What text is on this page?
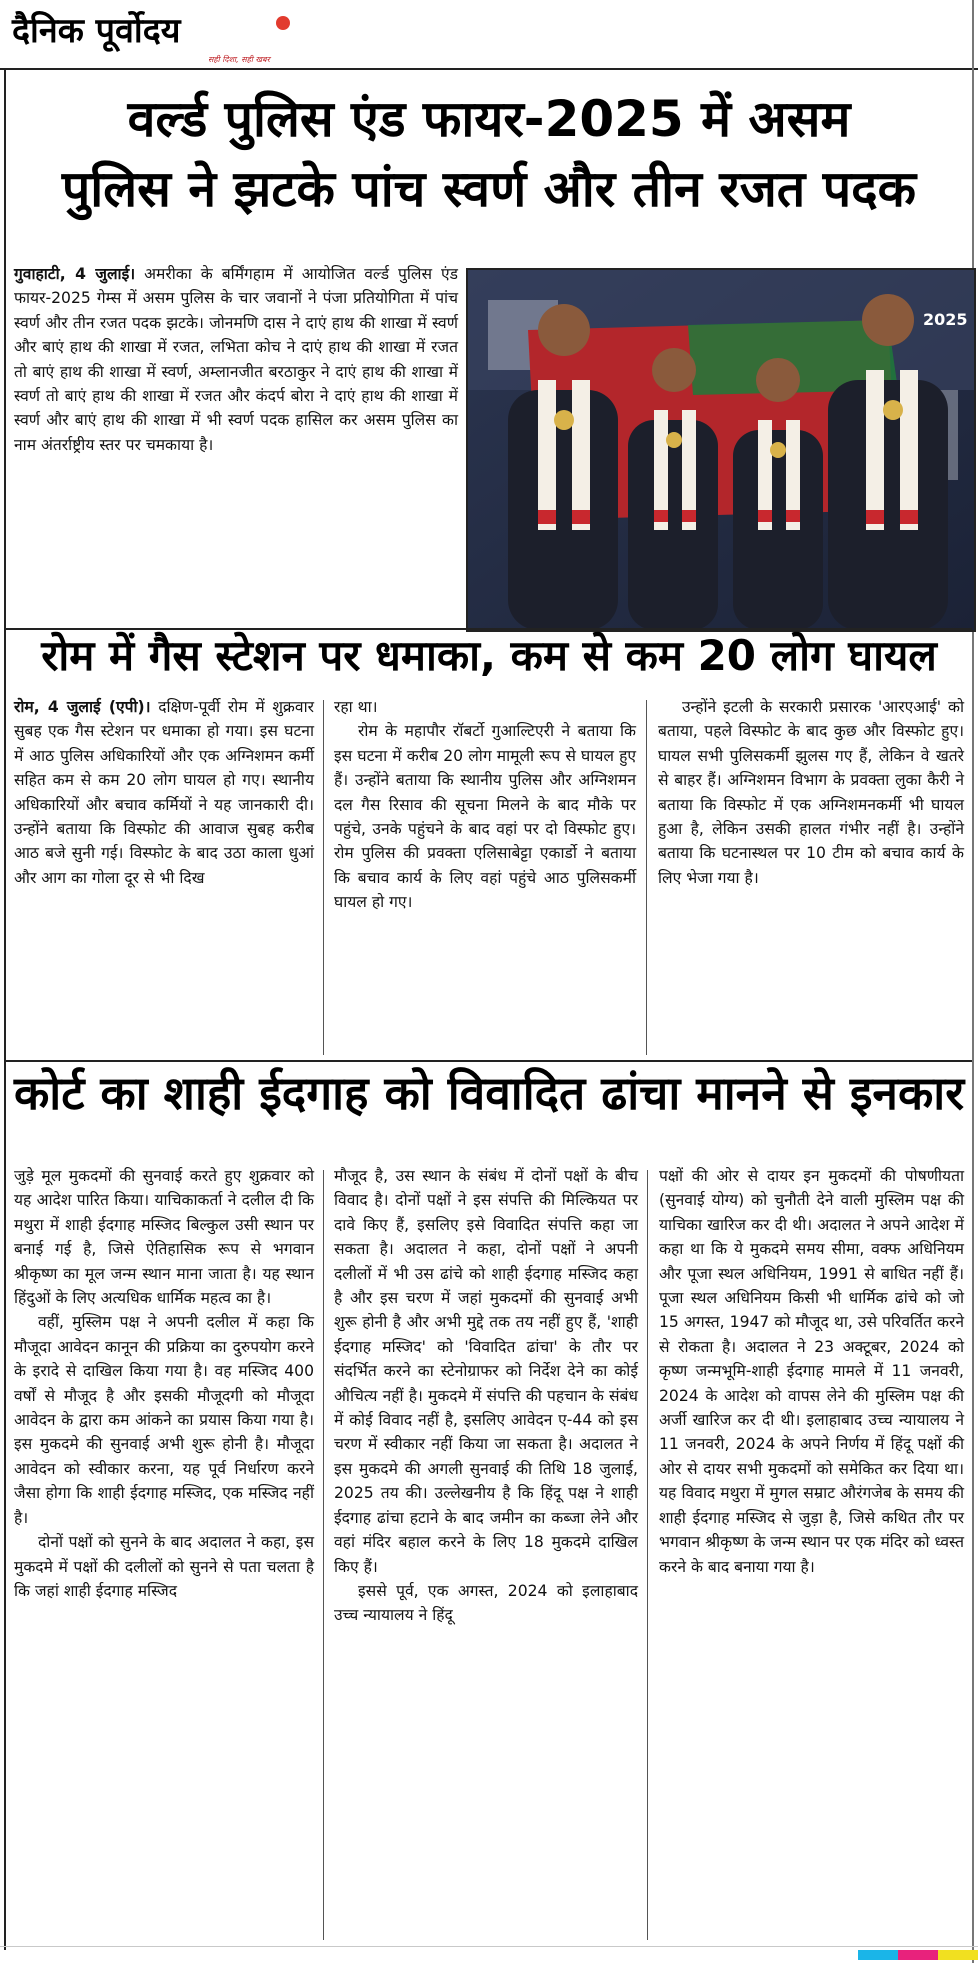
दैनिक पूर्वोदय
सही दिशा, सही खबर
वर्ल्ड पुलिस एंड फायर-2025 में असम
पुलिस ने झटके पांच स्वर्ण और तीन रजत पदक
गुवाहाटी, 4 जुलाई। अमरीका के बर्मिंगहाम में आयोजित वर्ल्ड पुलिस एंड फायर-2025 गेम्स में असम पुलिस के चार जवानों ने पंजा प्रतियोगिता में पांच स्वर्ण और तीन रजत पदक झटके। जोनमणि दास ने दाएं हाथ की शाखा में स्वर्ण और बाएं हाथ की शाखा में रजत, लभिता कोच ने दाएं हाथ की शाखा में रजत तो बाएं हाथ की शाखा में स्वर्ण, अम्लानजीत बरठाकुर ने दाएं हाथ की शाखा में स्वर्ण तो बाएं हाथ की शाखा में रजत और कंदर्प बोरा ने दाएं हाथ की शाखा में स्वर्ण और बाएं हाथ की शाखा में भी स्वर्ण पदक हासिल कर असम पुलिस का नाम अंतर्राष्ट्रीय स्तर पर चमकाया है।
2025
रोम में गैस स्टेशन पर धमाका, कम से कम 20 लोग घायल
रोम, 4 जुलाई (एपी)। दक्षिण-पूर्वी रोम में शुक्रवार सुबह एक गैस स्टेशन पर धमाका हो गया। इस घटना में आठ पुलिस अधिकारियों और एक अग्निशमन कर्मी सहित कम से कम 20 लोग घायल हो गए। स्थानीय अधिकारियों और बचाव कर्मियों ने यह जानकारी दी। उन्होंने बताया कि विस्फोट की आवाज सुबह करीब आठ बजे सुनी गई। विस्फोट के बाद उठा काला धुआं और आग का गोला दूर से भी दिख

रहा था।

रोम के महापौर रॉबर्टो गुआल्टिएरी ने बताया कि इस घटना में करीब 20 लोग मामूली रूप से घायल हुए हैं। उन्होंने बताया कि स्थानीय पुलिस और अग्निशमन दल गैस रिसाव की सूचना मिलने के बाद मौके पर पहुंचे, उनके पहुंचने के बाद वहां पर दो विस्फोट हुए। रोम पुलिस की प्रवक्ता एलिसाबेट्टा एकार्डो ने बताया कि बचाव कार्य के लिए वहां पहुंचे आठ पुलिसकर्मी घायल हो गए।

उन्होंने इटली के सरकारी प्रसारक 'आरएआई' को बताया, पहले विस्फोट के बाद कुछ और विस्फोट हुए। घायल सभी पुलिसकर्मी झुलस गए हैं, लेकिन वे खतरे से बाहर हैं। अग्निशमन विभाग के प्रवक्ता लुका कैरी ने बताया कि विस्फोट में एक अग्निशमनकर्मी भी घायल हुआ है, लेकिन उसकी हालत गंभीर नहीं है। उन्होंने बताया कि घटनास्थल पर 10 टीम को बचाव कार्य के लिए भेजा गया है।

कोर्ट का शाही ईदगाह को विवादित ढांचा मानने से इनकार

जुड़े मूल मुकदमों की सुनवाई करते हुए शुक्रवार को यह आदेश पारित किया। याचिकाकर्ता ने दलील दी कि मथुरा में शाही ईदगाह मस्जिद बिल्कुल उसी स्थान पर बनाई गई है, जिसे ऐतिहासिक रूप से भगवान श्रीकृष्ण का मूल जन्म स्थान माना जाता है। यह स्थान हिंदुओं के लिए अत्यधिक धार्मिक महत्व का है।

वहीं, मुस्लिम पक्ष ने अपनी दलील में कहा कि मौजूदा आवेदन कानून की प्रक्रिया का दुरुपयोग करने के इरादे से दाखिल किया गया है। वह मस्जिद 400 वर्षों से मौजूद है और इसकी मौजूदगी को मौजूदा आवेदन के द्वारा कम आंकने का प्रयास किया गया है। इस मुकदमे की सुनवाई अभी शुरू होनी है। मौजूदा आवेदन को स्वीकार करना, यह पूर्व निर्धारण करने जैसा होगा कि शाही ईदगाह मस्जिद, एक मस्जिद नहीं है।

दोनों पक्षों को सुनने के बाद अदालत ने कहा, इस मुकदमे में पक्षों की दलीलों को सुनने से पता चलता है कि जहां शाही ईदगाह मस्जिद

मौजूद है, उस स्थान के संबंध में दोनों पक्षों के बीच विवाद है। दोनों पक्षों ने इस संपत्ति की मिल्कियत पर दावे किए हैं, इसलिए इसे विवादित संपत्ति कहा जा सकता है। अदालत ने कहा, दोनों पक्षों ने अपनी दलीलों में भी उस ढांचे को शाही ईदगाह मस्जिद कहा है और इस चरण में जहां मुकदमों की सुनवाई अभी शुरू होनी है और अभी मुद्दे तक तय नहीं हुए हैं, 'शाही ईदगाह मस्जिद' को 'विवादित ढांचा' के तौर पर संदर्भित करने का स्टेनोग्राफर को निर्देश देने का कोई औचित्य नहीं है। मुकदमे में संपत्ति की पहचान के संबंध में कोई विवाद नहीं है, इसलिए आवेदन ए-44 को इस चरण में स्वीकार नहीं किया जा सकता है। अदालत ने इस मुकदमे की अगली सुनवाई की तिथि 18 जुलाई, 2025 तय की। उल्लेखनीय है कि हिंदू पक्ष ने शाही ईदगाह ढांचा हटाने के बाद जमीन का कब्जा लेने और वहां मंदिर बहाल करने के लिए 18 मुकदमे दाखिल किए हैं।

इससे पूर्व, एक अगस्त, 2024 को इलाहाबाद उच्च न्यायालय ने हिंदू

पक्षों की ओर से दायर इन मुकदमों की पोषणीयता (सुनवाई योग्य) को चुनौती देने वाली मुस्लिम पक्ष की याचिका खारिज कर दी थी। अदालत ने अपने आदेश में कहा था कि ये मुकदमे समय सीमा, वक्फ अधिनियम और पूजा स्थल अधिनियम, 1991 से बाधित नहीं हैं। पूजा स्थल अधिनियम किसी भी धार्मिक ढांचे को जो 15 अगस्त, 1947 को मौजूद था, उसे परिवर्तित करने से रोकता है। अदालत ने 23 अक्टूबर, 2024 को कृष्ण जन्मभूमि-शाही ईदगाह मामले में 11 जनवरी, 2024 के आदेश को वापस लेने की मुस्लिम पक्ष की अर्जी खारिज कर दी थी। इलाहाबाद उच्च न्यायालय ने 11 जनवरी, 2024 के अपने निर्णय में हिंदू पक्षों की ओर से दायर सभी मुकदमों को समेकित कर दिया था। यह विवाद मथुरा में मुगल सम्राट औरंगजेब के समय की शाही ईदगाह मस्जिद से जुड़ा है, जिसे कथित तौर पर भगवान श्रीकृष्ण के जन्म स्थान पर एक मंदिर को ध्वस्त करने के बाद बनाया गया है।
